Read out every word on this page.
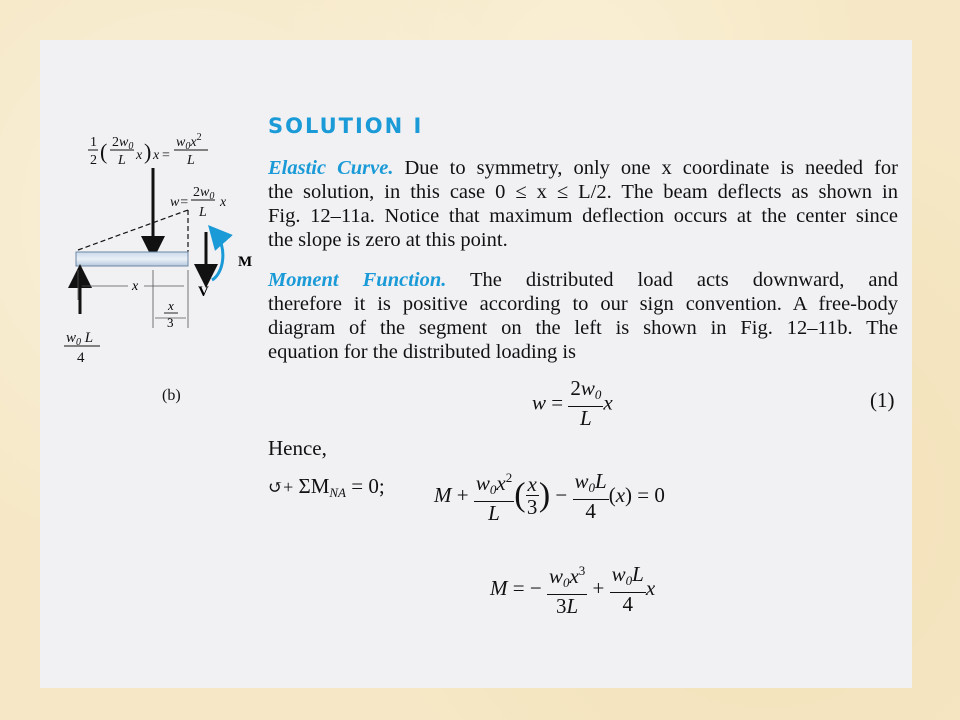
1
2 ( $2w_0$
L x ) x =
$w_0x^2$
L
w=
$2w_0$
L
x
V
M
$w_0$ L
4
x
x
3
(b)
SOLUTION I
Elastic Curve. Due to symmetry, only one x coordinate is needed for
the solution, in this case 0 ≤ x ≤ L/2. The beam deflects as shown in
Fig. 12–11a. Notice that maximum deflection occurs at the center since
the slope is zero at this point.
Moment Function. The distributed load acts downward, and
therefore it is positive according to our sign convention. A free-body
diagram of the segment on the left is shown in Fig. 12–11b. The
equation for the distributed loading is
$w = \frac{2w_0}{L}$ x	(1)
Hence,
↺+ $\Sigma M_{NA} = 0$; $M + \frac{w_0x^2}{L}$ ( $\frac{x}{3}$ ) − $\frac{w_0L}{4} (x) = 0$
M = − $\frac{w_0x^3}{3L} + \frac{w_0L}{4}$ x
